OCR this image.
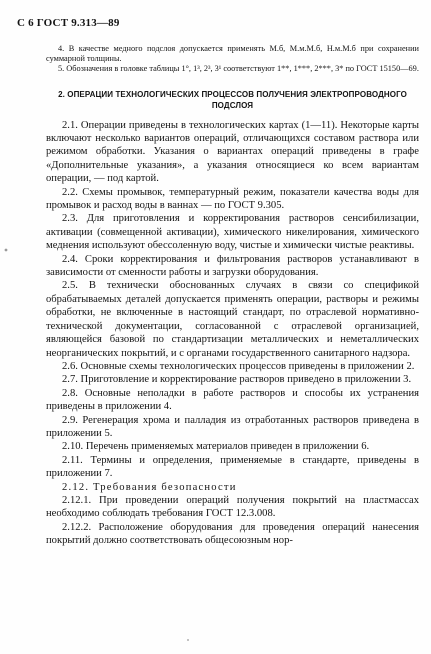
С 6 ГОСТ 9.313—89

4. В качестве медного подслоя допускается применять М.б, М.м.М.б, Н.м.М.б при сохранении суммарной толщины.

5. Обозначения в головке таблицы 1°, 1³, 2³, 3¹ соответствуют 1**, 1***, 2***, 3* по ГОСТ 15150—69.

2. ОПЕРАЦИИ ТЕХНОЛОГИЧЕСКИХ ПРОЦЕССОВ ПОЛУЧЕНИЯ ЭЛЕКТРОПРОВОДНОГО ПОДСЛОЯ

2.1. Операции приведены в технологических картах (1—11). Некоторые карты включают несколько вариантов операций, отличающихся составом раствора или режимом обработки. Указания о вариантах операций приведены в графе «Дополнительные указания», а указания относящиеся ко всем вариантам операции, — под картой.

2.2. Схемы промывок, температурный режим, показатели качества воды для промывок и расход воды в ваннах — по ГОСТ 9.305.

2.3. Для приготовления и корректирования растворов сенсибилизации, активации (совмещенной активации), химического никелирования, химического меднения используют обессоленную воду, чистые и химически чистые реактивы.

2.4. Сроки корректирования и фильтрования растворов устанавливают в зависимости от сменности работы и загрузки оборудования.

2.5. В технически обоснованных случаях в связи со спецификой обрабатываемых деталей допускается применять операции, растворы и режимы обработки, не включенные в настоящий стандарт, по отраслевой нормативно-технической документации, согласованной с отраслевой организацией, являющейся базовой по стандартизации металлических и неметаллических неорганических покрытий, и с органами государственного санитарного надзора.

2.6. Основные схемы технологических процессов приведены в приложении 2.

2.7. Приготовление и корректирование растворов приведено в приложении 3.

2.8. Основные неполадки в работе растворов и способы их устранения приведены в приложении 4.

2.9. Регенерация хрома и палладия из отработанных растворов приведена в приложении 5.

2.10. Перечень применяемых материалов приведен в приложении 6.

2.11. Термины и определения, применяемые в стандарте, приведены в приложении 7.

2.12. Требования безопасности

2.12.1. При проведении операций получения покрытий на пластмассах необходимо соблюдать требования ГОСТ 12.3.008.

2.12.2. Расположение оборудования для проведения операций нанесения покрытий должно соответствовать общесоюзным нор-
